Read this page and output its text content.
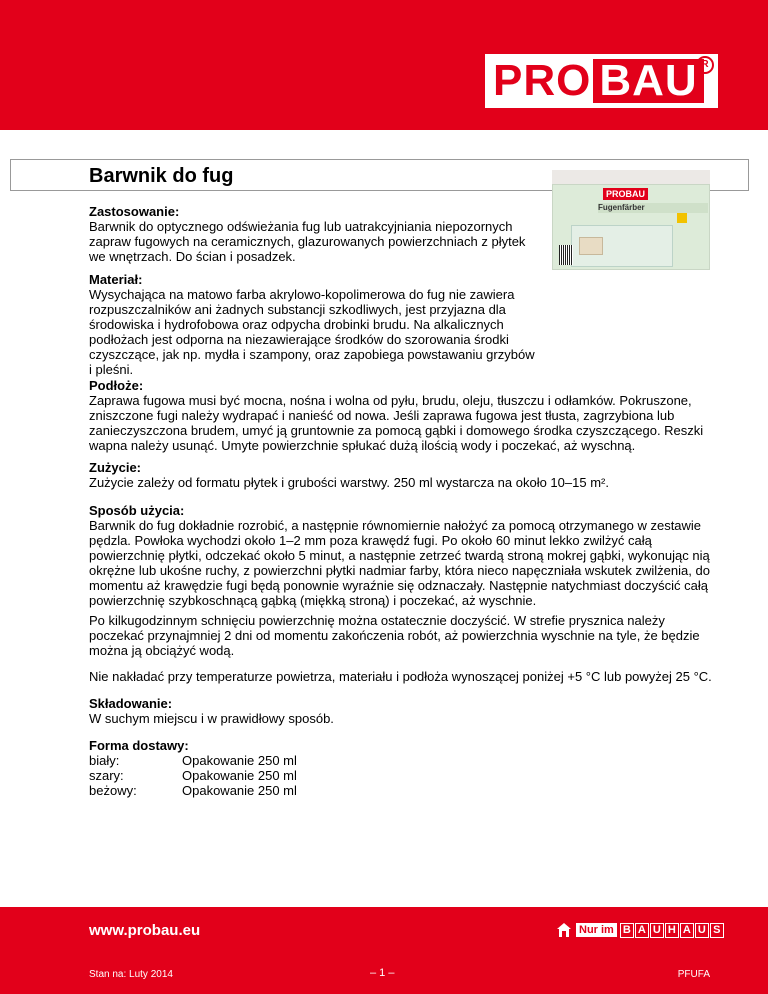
PRO BAU R
Barwnik do fug
PROBAU
Fugenfärber

Zastosowanie:

Barwnik do optycznego odświeżania fug lub uatrakcyjniania niepozornych

zapraw fugowych na ceramicznych, glazurowanych powierzchniach z płytek

we wnętrzach. Do ścian i posadzek.

Materiał:

Wysychająca na matowo farba akrylowo-kopolimerowa do fug nie zawiera

rozpuszczalników ani żadnych substancji szkodliwych, jest przyjazna dla

środowiska i hydrofobowa oraz odpycha drobinki brudu. Na alkalicznych

podłożach jest odporna na niezawierające środków do szorowania środki

czyszczące, jak np. mydła i szampony, oraz zapobiega powstawaniu grzybów

i pleśni.

Podłoże:

Zaprawa fugowa musi być mocna, nośna i wolna od pyłu, brudu, oleju, tłuszczu i odłamków. Pokruszone,

zniszczone fugi należy wydrapać i nanieść od nowa. Jeśli zaprawa fugowa jest tłusta, zagrzybiona lub

zanieczyszczona brudem, umyć ją gruntownie za pomocą gąbki i domowego środka czyszczącego. Reszki

wapna należy usunąć. Umyte powierzchnie spłukać dużą ilością wody i poczekać, aż wyschną.

Zużycie:

Zużycie zależy od formatu płytek i grubości warstwy. 250 ml wystarcza na około 10–15 m².

Sposób użycia:

Barwnik do fug dokładnie rozrobić, a następnie równomiernie nałożyć za pomocą otrzymanego w zestawie

pędzla. Powłoka wychodzi około 1–2 mm poza krawędź fugi. Po około 60 minut lekko zwilżyć całą

powierzchnię płytki, odczekać około 5 minut, a następnie zetrzeć twardą stroną mokrej gąbki, wykonując nią

okrężne lub ukośne ruchy, z powierzchni płytki nadmiar farby, która nieco napęczniała wskutek zwilżenia, do

momentu aż krawędzie fugi będą ponownie wyraźnie się odznaczały. Następnie natychmiast doczyścić całą

powierzchnię szybkoschnącą gąbką (miękką stroną) i poczekać, aż wyschnie.

Po kilkugodzinnym schnięciu powierzchnię można ostatecznie doczyścić. W strefie prysznica należy

poczekać przynajmniej 2 dni od momentu zakończenia robót, aż powierzchnia wyschnie na tyle, że będzie

można ją obciążyć wodą.

Nie nakładać przy temperaturze powietrza, materiału i podłoża wynoszącej poniżej +5 °C lub powyżej 25 °C.

Składowanie:

W suchym miejscu i w prawidłowy sposób.

Forma dostawy:

biały:	Opakowanie 250 ml
szary:	Opakowanie 250 ml
beżowy:	Opakowanie 250 ml
www.probau.eu	Nur im B A U H A U S
Stan na: Luty 2014	– 1 –	PFUFA
